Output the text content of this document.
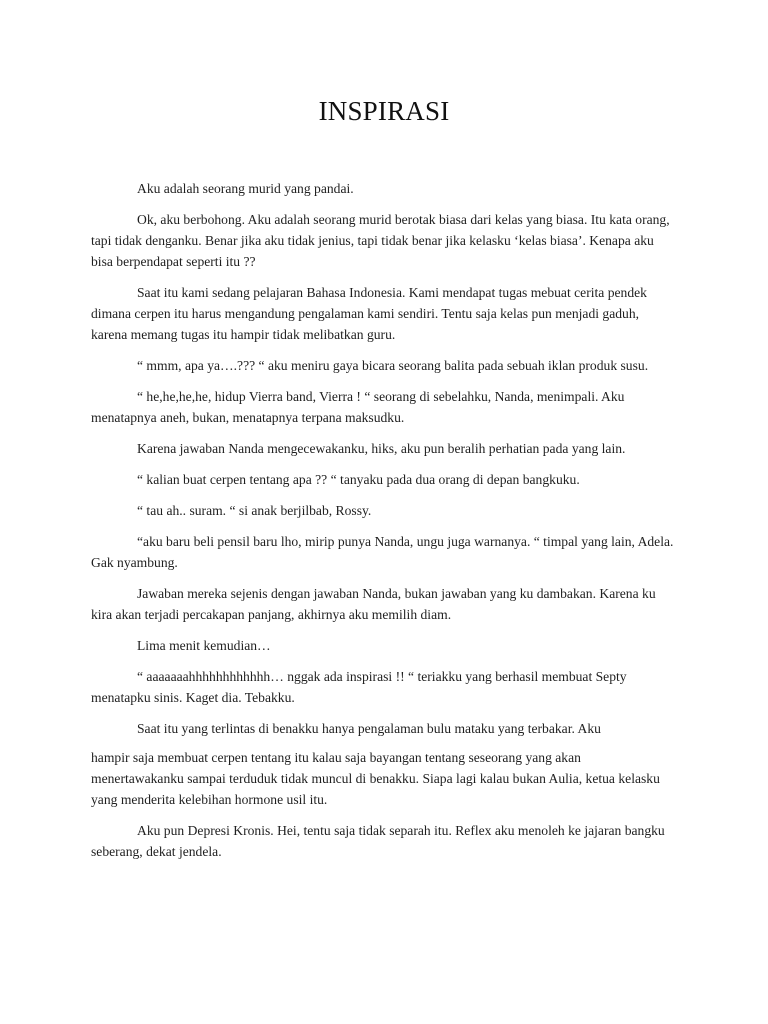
INSPIRASI

Aku adalah seorang murid yang pandai.

Ok, aku berbohong. Aku adalah seorang murid berotak biasa dari kelas yang biasa. Itu kata orang, tapi tidak denganku. Benar jika aku tidak jenius, tapi tidak benar jika kelasku ‘kelas biasa’. Kenapa aku bisa berpendapat seperti itu ??

Saat itu kami sedang pelajaran Bahasa Indonesia. Kami mendapat tugas mebuat cerita pendek dimana cerpen itu harus mengandung pengalaman kami sendiri. Tentu saja kelas pun menjadi gaduh, karena memang tugas itu hampir tidak melibatkan guru.

“ mmm, apa ya….??? “ aku meniru gaya bicara seorang balita pada sebuah iklan produk susu.

“ he,he,he,he, hidup Vierra band, Vierra ! “ seorang di sebelahku, Nanda, menimpali. Aku menatapnya aneh, bukan, menatapnya terpana maksudku.

Karena jawaban Nanda mengecewakanku, hiks, aku pun beralih perhatian pada yang lain.

“ kalian buat cerpen tentang apa ?? “ tanyaku pada dua orang di depan bangkuku.

“ tau ah.. suram. “ si anak berjilbab, Rossy.

“aku baru beli pensil baru lho, mirip punya Nanda, ungu juga warnanya. “ timpal yang lain, Adela. Gak nyambung.

Jawaban mereka sejenis dengan jawaban Nanda, bukan jawaban yang ku dambakan. Karena ku kira akan terjadi percakapan panjang, akhirnya aku memilih diam.

Lima menit kemudian…

“ aaaaaaahhhhhhhhhhhh… nggak ada inspirasi !! “ teriakku yang berhasil membuat Septy menatapku sinis. Kaget dia. Tebakku.

Saat itu yang terlintas di benakku hanya pengalaman bulu mataku yang terbakar. Aku

hampir saja membuat cerpen tentang itu kalau saja bayangan tentang seseorang yang akan menertawakanku sampai terduduk tidak muncul di benakku. Siapa lagi kalau bukan Aulia, ketua kelasku yang menderita kelebihan hormone usil itu.

Aku pun Depresi Kronis. Hei, tentu saja tidak separah itu. Reflex aku menoleh ke jajaran bangku seberang, dekat jendela.
